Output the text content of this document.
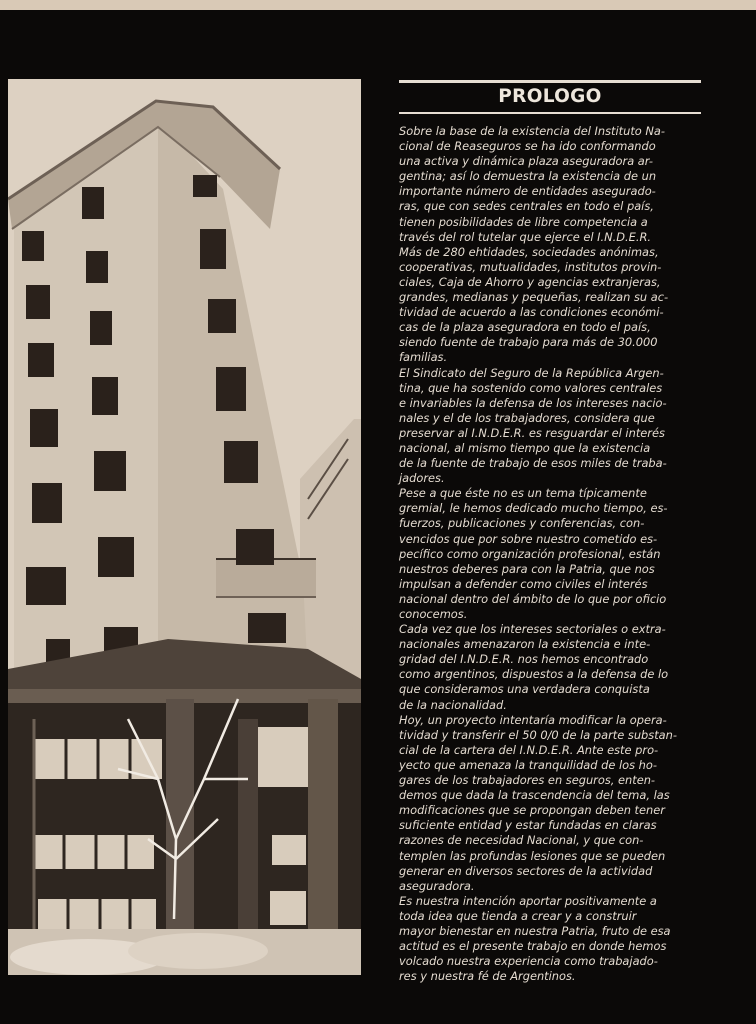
PROLOGO
Sobre la base de la existencia del Instituto Na-
cional de Reaseguros se ha ido conformando
una activa y dinámica plaza aseguradora ar-
gentina; así lo demuestra la existencia de un
importante número de entidades asegurado-
ras, que con sedes centrales en todo el país,
tienen posibilidades de libre competencia a
través del rol tutelar que ejerce el I.N.D.E.R.
Más de 280 ehtidades, sociedades anónimas,
cooperativas, mutualidades, institutos provin-
ciales, Caja de Ahorro y agencias extranjeras,
grandes, medianas y pequeñas, realizan su ac-
tividad de acuerdo a las condiciones económi-
cas de la plaza aseguradora en todo el país,
siendo fuente de trabajo para más de 30.000
familias.
El Sindicato del Seguro de la República Argen-
tina, que ha sostenido como valores centrales
e invariables la defensa de los intereses nacio-
nales y el de los trabajadores, considera que
preservar al I.N.D.E.R. es resguardar el interés
nacional, al mismo tiempo que la existencia
de la fuente de trabajo de esos miles de traba-
jadores.
Pese a que éste no es un tema típicamente
gremial, le hemos dedicado mucho tiempo, es-
fuerzos, publicaciones y conferencias, con-
vencidos que por sobre nuestro cometido es-
pecífico como organización profesional, están
nuestros deberes para con la Patria, que nos
impulsan a defender como civiles el interés
nacional dentro del ámbito de lo que por oficio
conocemos.
Cada vez que los intereses sectoriales o extra-
nacionales amenazaron la existencia e inte-
gridad del I.N.D.E.R. nos hemos encontrado
como argentinos, dispuestos a la defensa de lo
que consideramos una verdadera conquista
de la nacionalidad.
Hoy, un proyecto intentaría modificar la opera-
tividad y transferir el 50 0/0 de la parte substan-
cial de la cartera del I.N.D.E.R. Ante este pro-
yecto que amenaza la tranquilidad de los ho-
gares de los trabajadores en seguros, enten-
demos que dada la trascendencia del tema, las
modificaciones que se propongan deben tener
suficiente entidad y estar fundadas en claras
razones de necesidad Nacional, y que con-
templen las profundas lesiones que se pueden
generar en diversos sectores de la actividad
aseguradora.
Es nuestra intención aportar positivamente a
toda idea que tienda a crear y a construir
mayor bienestar en nuestra Patria, fruto de esa
actitud es el presente trabajo en donde hemos
volcado nuestra experiencia como trabajado-
res y nuestra fé de Argentinos.
